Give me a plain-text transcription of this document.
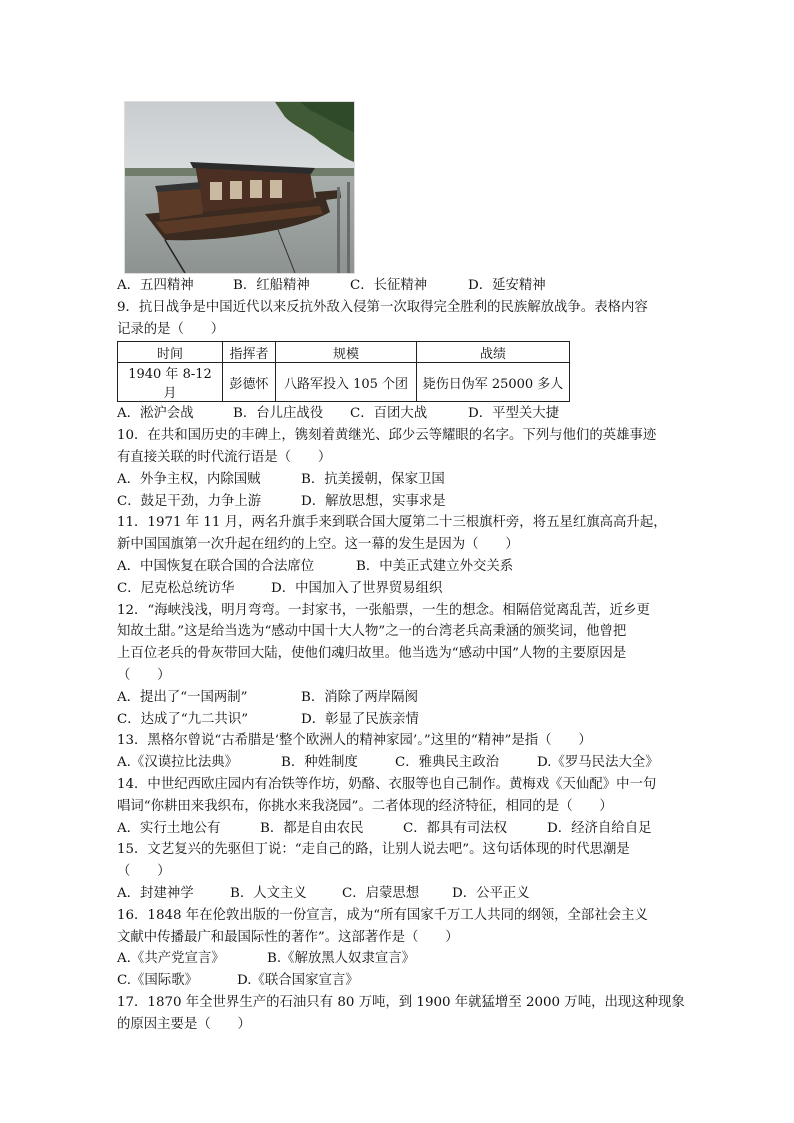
A．五四精神	B．红船精神	C．长征精神	D．延安精神
9．抗日战争是中国近代以来反抗外敌入侵第一次取得完全胜利的民族解放战争。表格内容
记录的是（　　）
时间	指挥者	规模	战绩
1940 年 8-12 月	彭德怀	八路军投入 105 个团	毙伤日伪军 25000 多人
A．淞沪会战	B．台儿庄战役	C．百团大战	D．平型关大捷
10．在共和国历史的丰碑上，镌刻着黄继光、邱少云等耀眼的名字。下列与他们的英雄事迹
有直接关联的时代流行语是（　　）
A．外争主权，内除国贼	B．抗美援朝，保家卫国
C．鼓足干劲，力争上游	D．解放思想，实事求是
11．1971 年 11 月，两名升旗手来到联合国大厦第二十三根旗杆旁，将五星红旗高高升起，
新中国国旗第一次升起在纽约的上空。这一幕的发生是因为（　　）
A．中国恢复在联合国的合法席位	B．中美正式建立外交关系
C．尼克松总统访华	D．中国加入了世界贸易组织
12．“海峡浅浅，明月弯弯。一封家书，一张船票，一生的想念。相隔倍觉离乱苦，近乡更
知故土甜。”这是给当选为“感动中国十大人物”之一的台湾老兵高秉涵的颁奖词，他曾把
上百位老兵的骨灰带回大陆，使他们魂归故里。他当选为“感动中国”人物的主要原因是
（　　）
A．提出了“一国两制”	B．消除了两岸隔阂
C．达成了“九二共识”	D．彰显了民族亲情
13．黑格尔曾说“古希腊是‘整个欧洲人的精神家园’。”这里的“精神”是指（　　）
A.《汉谟拉比法典》	B．种姓制度	C．雅典民主政治	D.《罗马民法大全》
14．中世纪西欧庄园内有冶铁等作坊，奶酪、衣服等也自己制作。黄梅戏《天仙配》中一句
唱词“你耕田来我织布，你挑水来我浇园”。二者体现的经济特征，相同的是（　　）
A．实行土地公有	B．都是自由农民	C．都具有司法权	D．经济自给自足
15．文艺复兴的先驱但丁说：“走自己的路，让别人说去吧”。这句话体现的时代思潮是
（　　）
A．封建神学	B．人文主义	C．启蒙思想	D．公平正义
16．1848 年在伦敦出版的一份宣言，成为“所有国家千万工人共同的纲领，全部社会主义
文献中传播最广和最国际性的著作”。这部著作是（　　）
A.《共产党宣言》	B.《解放黑人奴隶宣言》
C.《国际歌》	D.《联合国家宣言》
17．1870 年全世界生产的石油只有 80 万吨，到 1900 年就猛增至 2000 万吨，出现这种现象
的原因主要是（　　）
